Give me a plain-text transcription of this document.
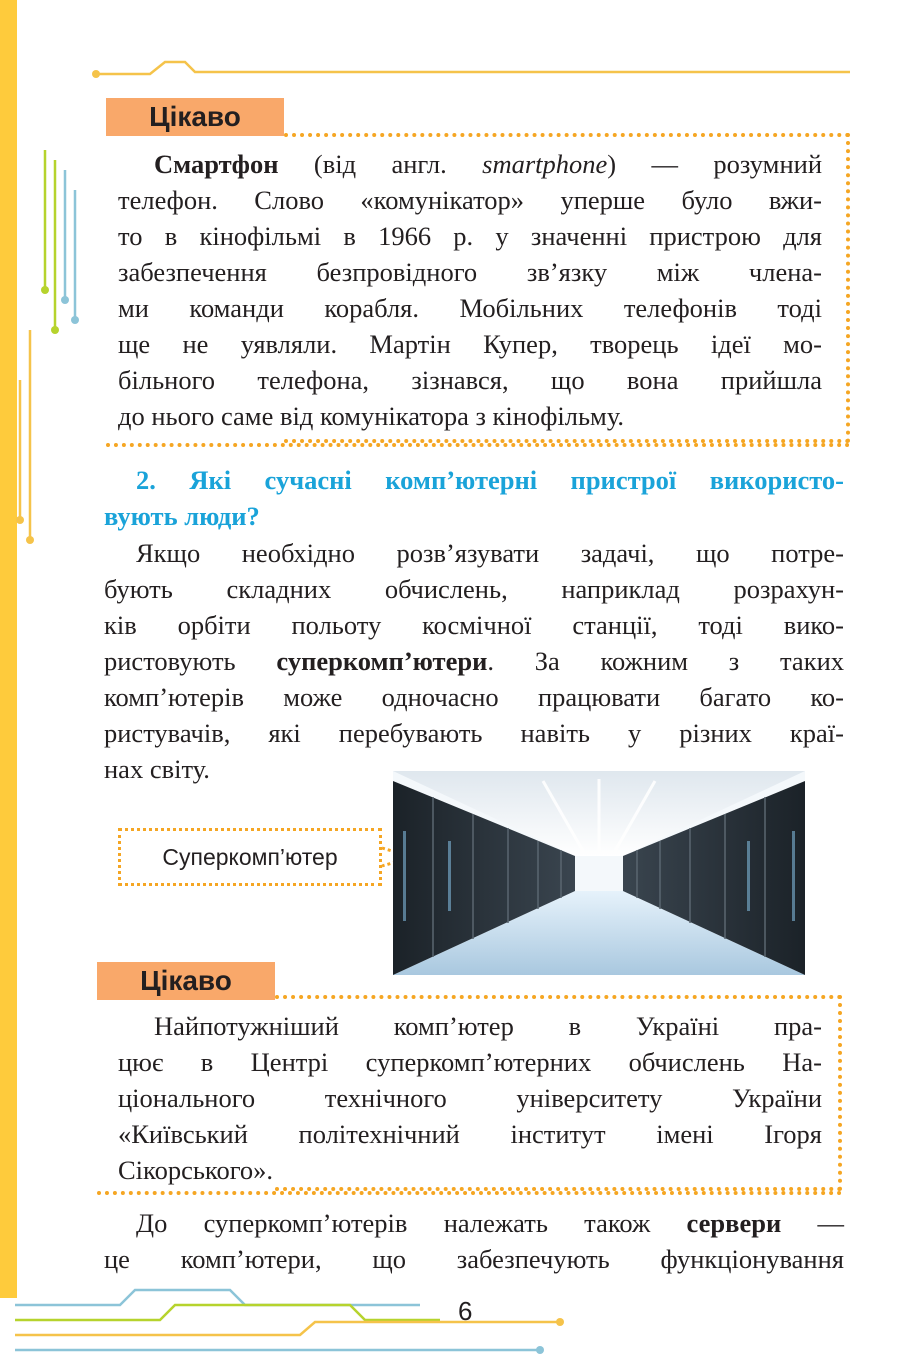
Цікаво
Смартфон (від англ. smartphone) — розумний
телефон. Слово «комунікатор» уперше було вжи-
то в кінофільмі в 1966 р. у значенні пристрою для
забезпечення безпровідного зв’язку між члена-
ми команди корабля. Мобільних телефонів тоді
ще не уявляли. Мартін Купер, творець ідеї мо-
більного телефона, зізнався, що вона прийшла
до нього саме від комунікатора з кінофільму.
2. Які сучасні комп’ютерні пристрої використо-
вують люди?
Якщо необхідно розв’язувати задачі, що потре-
бують складних обчислень, наприклад розрахун-
ків орбіти польоту космічної станції, тоді вико-
ристовують суперкомп’ютери. За кожним з таких
комп’ютерів може одночасно працювати багато ко-
ристувачів, які перебувають навіть у різних краї-
нах світу.
Суперкомп’ютер
Цікаво
Найпотужніший комп’ютер в Україні пра-
цює в Центрі суперкомп’ютерних обчислень На-
ціонального технічного університету України
«Київський політехнічний інститут імені Ігоря
Сікорського».
До суперкомп’ютерів належать також сервери —
це комп’ютери, що забезпечують функціонування
6
